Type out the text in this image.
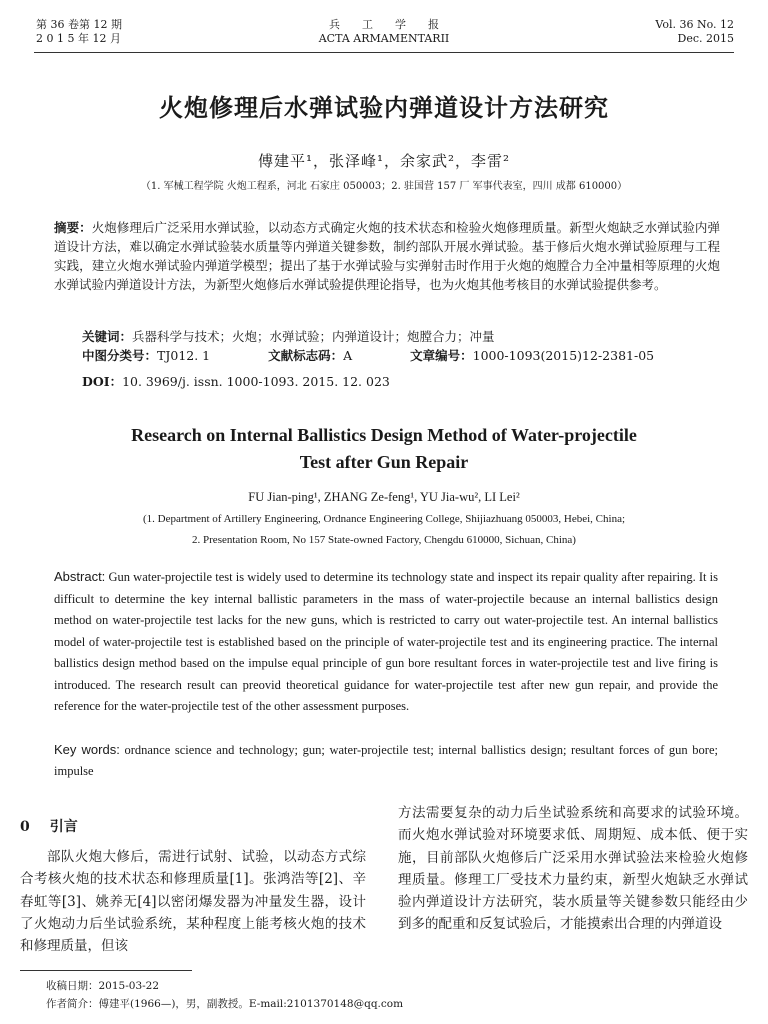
第 36 卷第 12 期
2 0 1 5 年 12 月
兵　　工　　学　　报
ACTA ARMAMENTARII
Vol. 36 No. 12
Dec. 2015
火炮修理后水弹试验内弹道设计方法研究
傅建平¹，张泽峰¹，余家武²，李雷²
（1. 军械工程学院 火炮工程系，河北 石家庄 050003；2. 驻国营 157 厂 军事代表室，四川 成都 610000）
摘要：火炮修理后广泛采用水弹试验，以动态方式确定火炮的技术状态和检验火炮修理质量。新型火炮缺乏水弹试验内弹道设计方法，难以确定水弹试验装水质量等内弹道关键参数，制约部队开展水弹试验。基于修后火炮水弹试验原理与工程实践，建立火炮水弹试验内弹道学模型；提出了基于水弹试验与实弹射击时作用于火炮的炮膛合力全冲量相等原理的火炮水弹试验内弹道设计方法，为新型火炮修后水弹试验提供理论指导，也为火炮其他考核目的水弹试验提供参考。
关键词：兵器科学与技术；火炮；水弹试验；内弹道设计；炮膛合力；冲量
中图分类号：TJ012. 1	文献标志码：A	文章编号：1000-1093(2015)12-2381-05
DOI：10. 3969/j. issn. 1000-1093. 2015. 12. 023
Research on Internal Ballistics Design Method of Water-projectile
Test after Gun Repair
FU Jian-ping¹, ZHANG Ze-feng¹, YU Jia-wu², LI Lei²
(1. Department of Artillery Engineering, Ordnance Engineering College, Shijiazhuang 050003, Hebei, China;
2. Presentation Room, No 157 State-owned Factory, Chengdu 610000, Sichuan, China)
Abstract: Gun water-projectile test is widely used to determine its technology state and inspect its repair quality after repairing. It is difficult to determine the key internal ballistic parameters in the mass of water-projectile because an internal ballistics design method on water-projectile test lacks for the new guns, which is restricted to carry out water-projectile test. An internal ballistics model of water-projectile test is established based on the principle of water-projectile test and its engineering practice. The internal ballistics design method based on the impulse equal principle of gun bore resultant forces in water-projectile test and live firing is introduced. The research result can preovid theoretical guidance for water-projectile test after new gun repair, and provide the reference for the water-projectile test of the other assessment purposes.
Key words: ordnance science and technology; gun; water-projectile test; internal ballistics design; resultant forces of gun bore; impulse
0 引言
部队火炮大修后，需进行试射、试验，以动态方式综合考核火炮的技术状态和修理质量[1]。张鸿浩等[2]、辛春虹等[3]、姚养无[4]以密闭爆发器为冲量发生器，设计了火炮动力后坐试验系统，某种程度上能考核火炮的技术和修理质量，但该
方法需要复杂的动力后坐试验系统和高要求的试验环境。而火炮水弹试验对环境要求低、周期短、成本低、便于实施，目前部队火炮修后广泛采用水弹试验法来检验火炮修理质量。修理工厂受技术力量约束，新型火炮缺乏水弹试验内弹道设计方法研究，装水质量等关键参数只能经由少到多的配重和反复试验后，才能摸索出合理的内弹道设
收稿日期：2015-03-22
作者简介：傅建平(1966—)，男，副教授。E-mail:2101370148@qq.com
